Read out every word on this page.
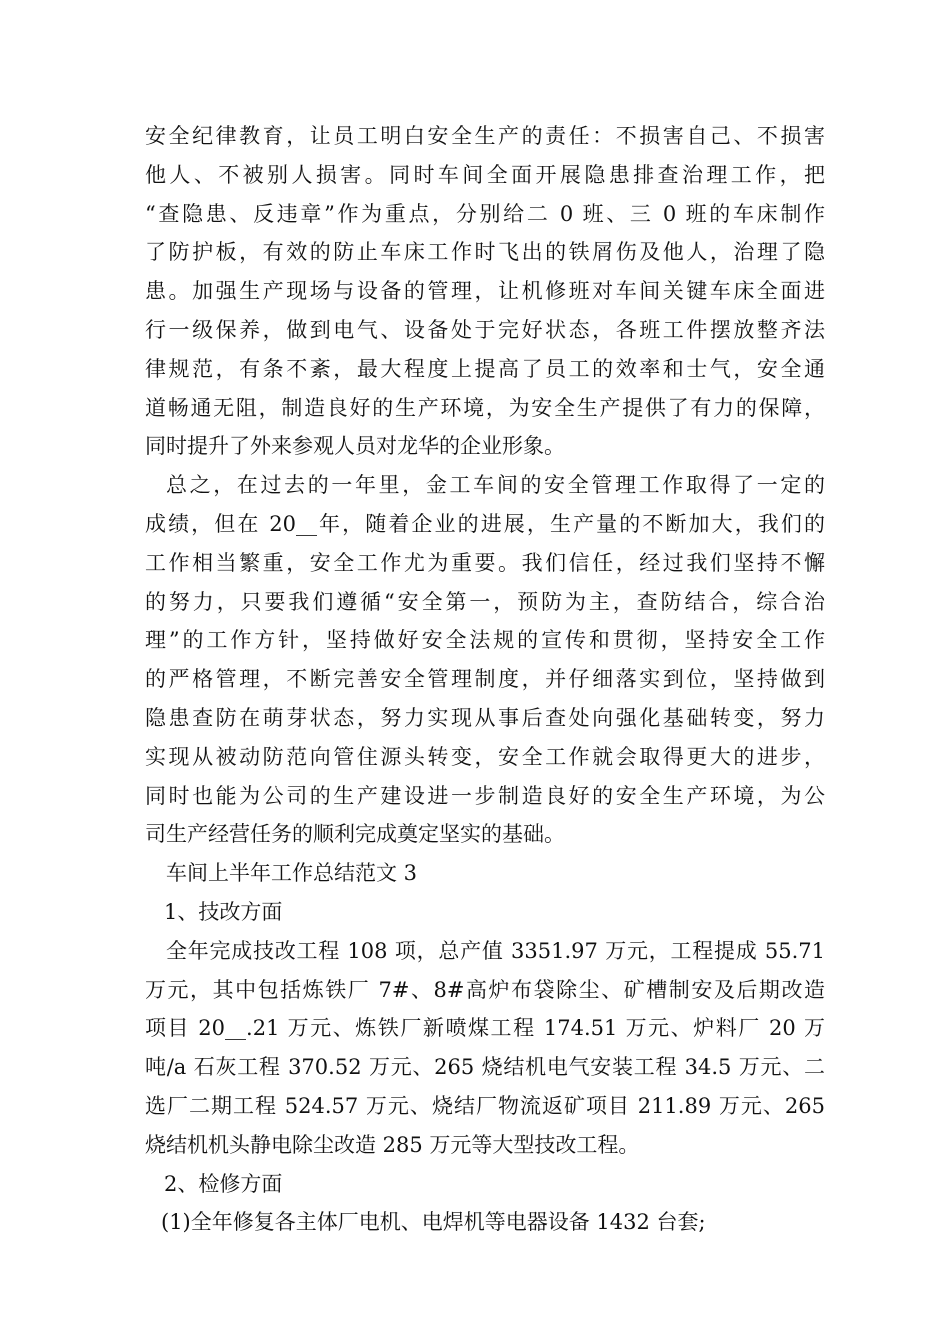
安全纪律教育，让员工明白安全生产的责任：不损害自己、不损害
他人、不被别人损害。同时车间全面开展隐患排查治理工作，把
“查隐患、反违章”作为重点，分别给二 0 班、三 0 班的车床制作
了防护板，有效的防止车床工作时飞出的铁屑伤及他人，治理了隐
患。加强生产现场与设备的管理，让机修班对车间关键车床全面进
行一级保养，做到电气、设备处于完好状态，各班工件摆放整齐法
律规范，有条不紊，最大程度上提高了员工的效率和士气，安全通
道畅通无阻，制造良好的生产环境，为安全生产提供了有力的保障，
同时提升了外来参观人员对龙华的企业形象。
总之，在过去的一年里，金工车间的安全管理工作取得了一定的
成绩，但在 20__年，随着企业的进展，生产量的不断加大，我们的
工作相当繁重，安全工作尤为重要。我们信任，经过我们坚持不懈
的努力，只要我们遵循“安全第一，预防为主，查防结合，综合治
理”的工作方针，坚持做好安全法规的宣传和贯彻，坚持安全工作
的严格管理，不断完善安全管理制度，并仔细落实到位，坚持做到
隐患查防在萌芽状态，努力实现从事后查处向强化基础转变，努力
实现从被动防范向管住源头转变，安全工作就会取得更大的进步，
同时也能为公司的生产建设进一步制造良好的安全生产环境，为公
司生产经营任务的顺利完成奠定坚实的基础。
车间上半年工作总结范文 3
1、技改方面
全年完成技改工程 108 项，总产值 3351.97 万元，工程提成 55.71
万元，其中包括炼铁厂 7#、8#高炉布袋除尘、矿槽制安及后期改造
项目 20__.21 万元、炼铁厂新喷煤工程 174.51 万元、炉料厂 20 万
吨/a 石灰工程 370.52 万元、265 烧结机电气安装工程 34.5 万元、二
选厂二期工程 524.57 万元、烧结厂物流返矿项目 211.89 万元、265
烧结机机头静电除尘改造 285 万元等大型技改工程。
2、检修方面
(1)全年修复各主体厂电机、电焊机等电器设备 1432 台套;
